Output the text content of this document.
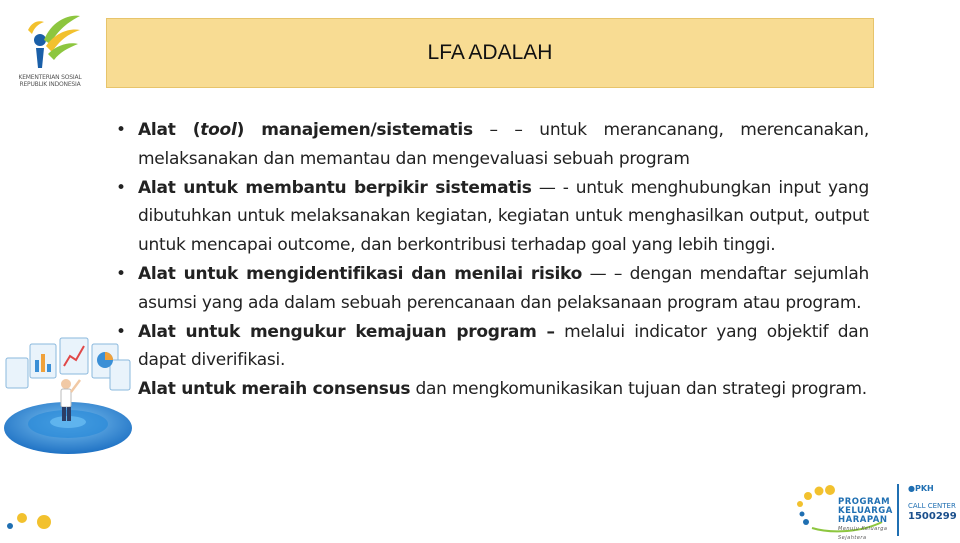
KEMENTERIAN SOSIAL REPUBLIK INDONESIA
LFA ADALAH
• Alat (tool) manajemen/sistematis – – untuk merancanang, merencanakan, melaksanakan dan memantau dan mengevaluasi sebuah program
• Alat untuk membantu berpikir sistematis — - untuk menghubungkan input yang dibutuhkan untuk melaksanakan kegiatan, kegiatan untuk menghasilkan output, output untuk mencapai outcome, dan berkontribusi terhadap goal yang lebih tinggi.
• Alat untuk mengidentifikasi dan menilai risiko — – dengan mendaftar sejumlah asumsi yang ada dalam sebuah perencanaan dan pelaksanaan program atau program.
• Alat untuk mengukur kemajuan program – melalui indicator yang objektif dan dapat diverifikasi.
Alat untuk meraih consensus dan mengkomunikasikan tujuan dan strategi program.
PROGRAM
KELUARGA
HARAPAN
Menuju Keluarga Sejahtera
●PKH
CALL CENTER
1500299
